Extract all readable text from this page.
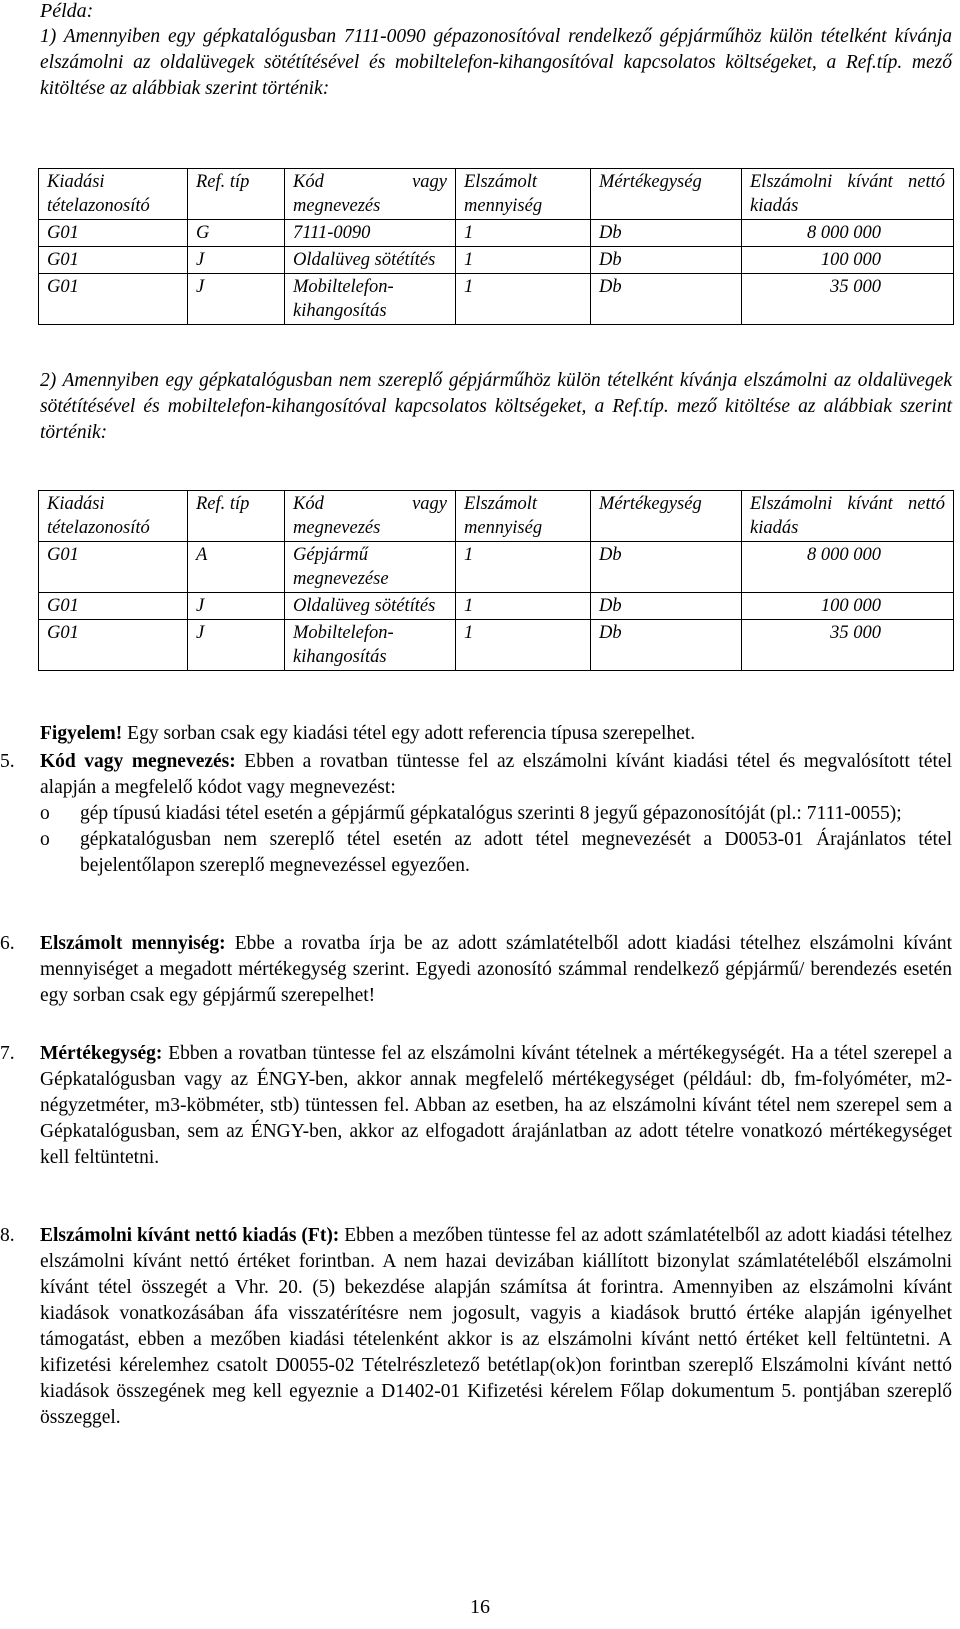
Példa:
1) Amennyiben egy gépkatalógusban 7111-0090 gépazonosítóval rendelkező gépjárműhöz külön tételként kívánja elszámolni az oldalüvegek sötétítésével és mobiltelefon-kihangosítóval kapcsolatos költségeket, a Ref.típ. mező kitöltése az alábbiak szerint történik:
Kiadási tételazonosító	Ref. típ	Kód vagy megnevezés	Elszámolt mennyiség	Mértékegység	Elszámolni kívánt nettó kiadás
G01	G	7111-0090	1	Db	8 000 000
G01	J	Oldalüveg sötétítés	1	Db	100 000
G01	J	Mobiltelefon-kihangosítás	1	Db	35 000
2) Amennyiben egy gépkatalógusban nem szereplő gépjárműhöz külön tételként kívánja elszámolni az oldalüvegek sötétítésével és mobiltelefon-kihangosítóval kapcsolatos költségeket, a Ref.típ. mező kitöltése az alábbiak szerint történik:
Kiadási tételazonosító	Ref. típ	Kód vagy megnevezés	Elszámolt mennyiség	Mértékegység	Elszámolni kívánt nettó kiadás
G01	A	Gépjármű megnevezése	1	Db	8 000 000
G01	J	Oldalüveg sötétítés	1	Db	100 000
G01	J	Mobiltelefon-kihangosítás	1	Db	35 000
Figyelem! Egy sorban csak egy kiadási tétel egy adott referencia típusa szerepelhet.
5. Kód vagy megnevezés: Ebben a rovatban tüntesse fel az elszámolni kívánt kiadási tétel és megvalósított tétel alapján a megfelelő kódot vagy megnevezést:
o gép típusú kiadási tétel esetén a gépjármű gépkatalógus szerinti 8 jegyű gépazonosítóját (pl.: 7111-0055);
o gépkatalógusban nem szereplő tétel esetén az adott tétel megnevezését a D0053-01 Árajánlatos tétel bejelentőlapon szereplő megnevezéssel egyezően.
6. Elszámolt mennyiség: Ebbe a rovatba írja be az adott számlatételből adott kiadási tételhez elszámolni kívánt mennyiséget a megadott mértékegység szerint. Egyedi azonosító számmal rendelkező gépjármű/ berendezés esetén egy sorban csak egy gépjármű szerepelhet!
7. Mértékegység: Ebben a rovatban tüntesse fel az elszámolni kívánt tételnek a mértékegységét. Ha a tétel szerepel a Gépkatalógusban vagy az ÉNGY-ben, akkor annak megfelelő mértékegységet (például: db, fm-folyóméter, m2-négyzetméter, m3-köbméter, stb) tüntessen fel. Abban az esetben, ha az elszámolni kívánt tétel nem szerepel sem a Gépkatalógusban, sem az ÉNGY-ben, akkor az elfogadott árajánlatban az adott tételre vonatkozó mértékegységet kell feltüntetni.
8. Elszámolni kívánt nettó kiadás (Ft): Ebben a mezőben tüntesse fel az adott számlatételből az adott kiadási tételhez elszámolni kívánt nettó értéket forintban. A nem hazai devizában kiállított bizonylat számlatételéből elszámolni kívánt tétel összegét a Vhr. 20. (5) bekezdése alapján számítsa át forintra. Amennyiben az elszámolni kívánt kiadások vonatkozásában áfa visszatérítésre nem jogosult, vagyis a kiadások bruttó értéke alapján igényelhet támogatást, ebben a mezőben kiadási tételenként akkor is az elszámolni kívánt nettó értéket kell feltüntetni. A kifizetési kérelemhez csatolt D0055-02 Tételrészletező betétlap(ok)on forintban szereplő Elszámolni kívánt nettó kiadások összegének meg kell egyeznie a D1402-01 Kifizetési kérelem Főlap dokumentum 5. pontjában szereplő összeggel.
16
